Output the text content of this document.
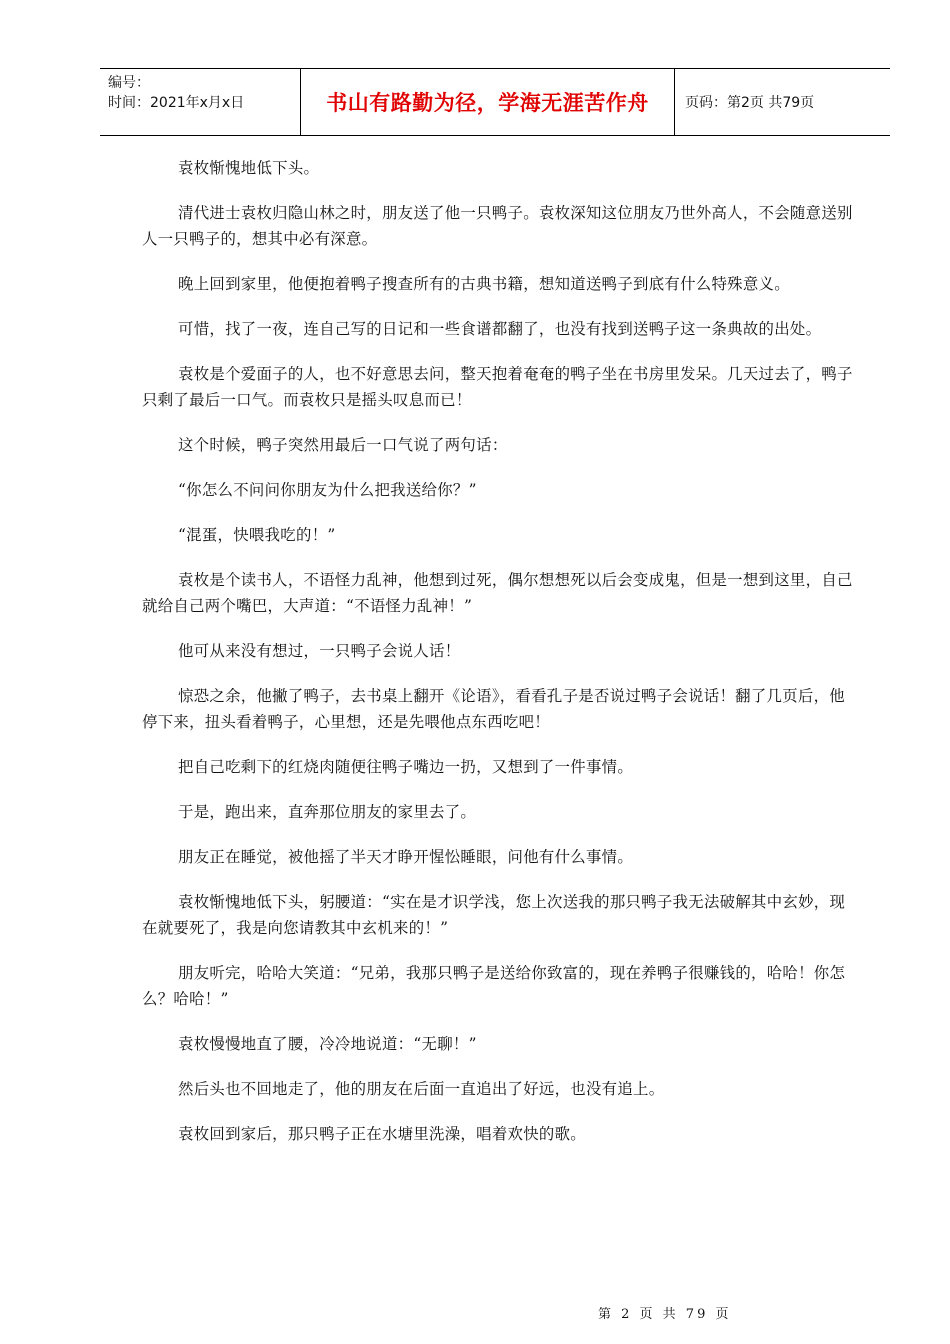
编号：
时间：2021年x月x日	书山有路勤为径，学海无涯苦作舟	页码：第2页 共79页

袁枚惭愧地低下头。

清代进士袁枚归隐山林之时，朋友送了他一只鸭子。袁枚深知这位朋友乃世外高人，不会随意送别人一只鸭子的，想其中必有深意。

晚上回到家里，他便抱着鸭子搜查所有的古典书籍，想知道送鸭子到底有什么特殊意义。

可惜，找了一夜，连自己写的日记和一些食谱都翻了，也没有找到送鸭子这一条典故的出处。

袁枚是个爱面子的人，也不好意思去问，整天抱着奄奄的鸭子坐在书房里发呆。几天过去了，鸭子只剩了最后一口气。而袁枚只是摇头叹息而已！

这个时候，鸭子突然用最后一口气说了两句话：

“你怎么不问问你朋友为什么把我送给你？”

“混蛋，快喂我吃的！”

袁枚是个读书人，不语怪力乱神，他想到过死，偶尔想想死以后会变成鬼，但是一想到这里，自己就给自己两个嘴巴，大声道：“不语怪力乱神！”

他可从来没有想过，一只鸭子会说人话！

惊恐之余，他撇了鸭子，去书桌上翻开《论语》，看看孔子是否说过鸭子会说话！翻了几页后，他停下来，扭头看着鸭子，心里想，还是先喂他点东西吃吧！

把自己吃剩下的红烧肉随便往鸭子嘴边一扔，又想到了一件事情。

于是，跑出来，直奔那位朋友的家里去了。

朋友正在睡觉，被他摇了半天才睁开惺忪睡眼，问他有什么事情。

袁枚惭愧地低下头，躬腰道：“实在是才识学浅，您上次送我的那只鸭子我无法破解其中玄妙，现在就要死了，我是向您请教其中玄机来的！”

朋友听完，哈哈大笑道：“兄弟，我那只鸭子是送给你致富的，现在养鸭子很赚钱的，哈哈！你怎么？哈哈！”

袁枚慢慢地直了腰，冷冷地说道：“无聊！”

然后头也不回地走了，他的朋友在后面一直追出了好远，也没有追上。

袁枚回到家后，那只鸭子正在水塘里洗澡，唱着欢快的歌。

第 2 页 共 79 页
